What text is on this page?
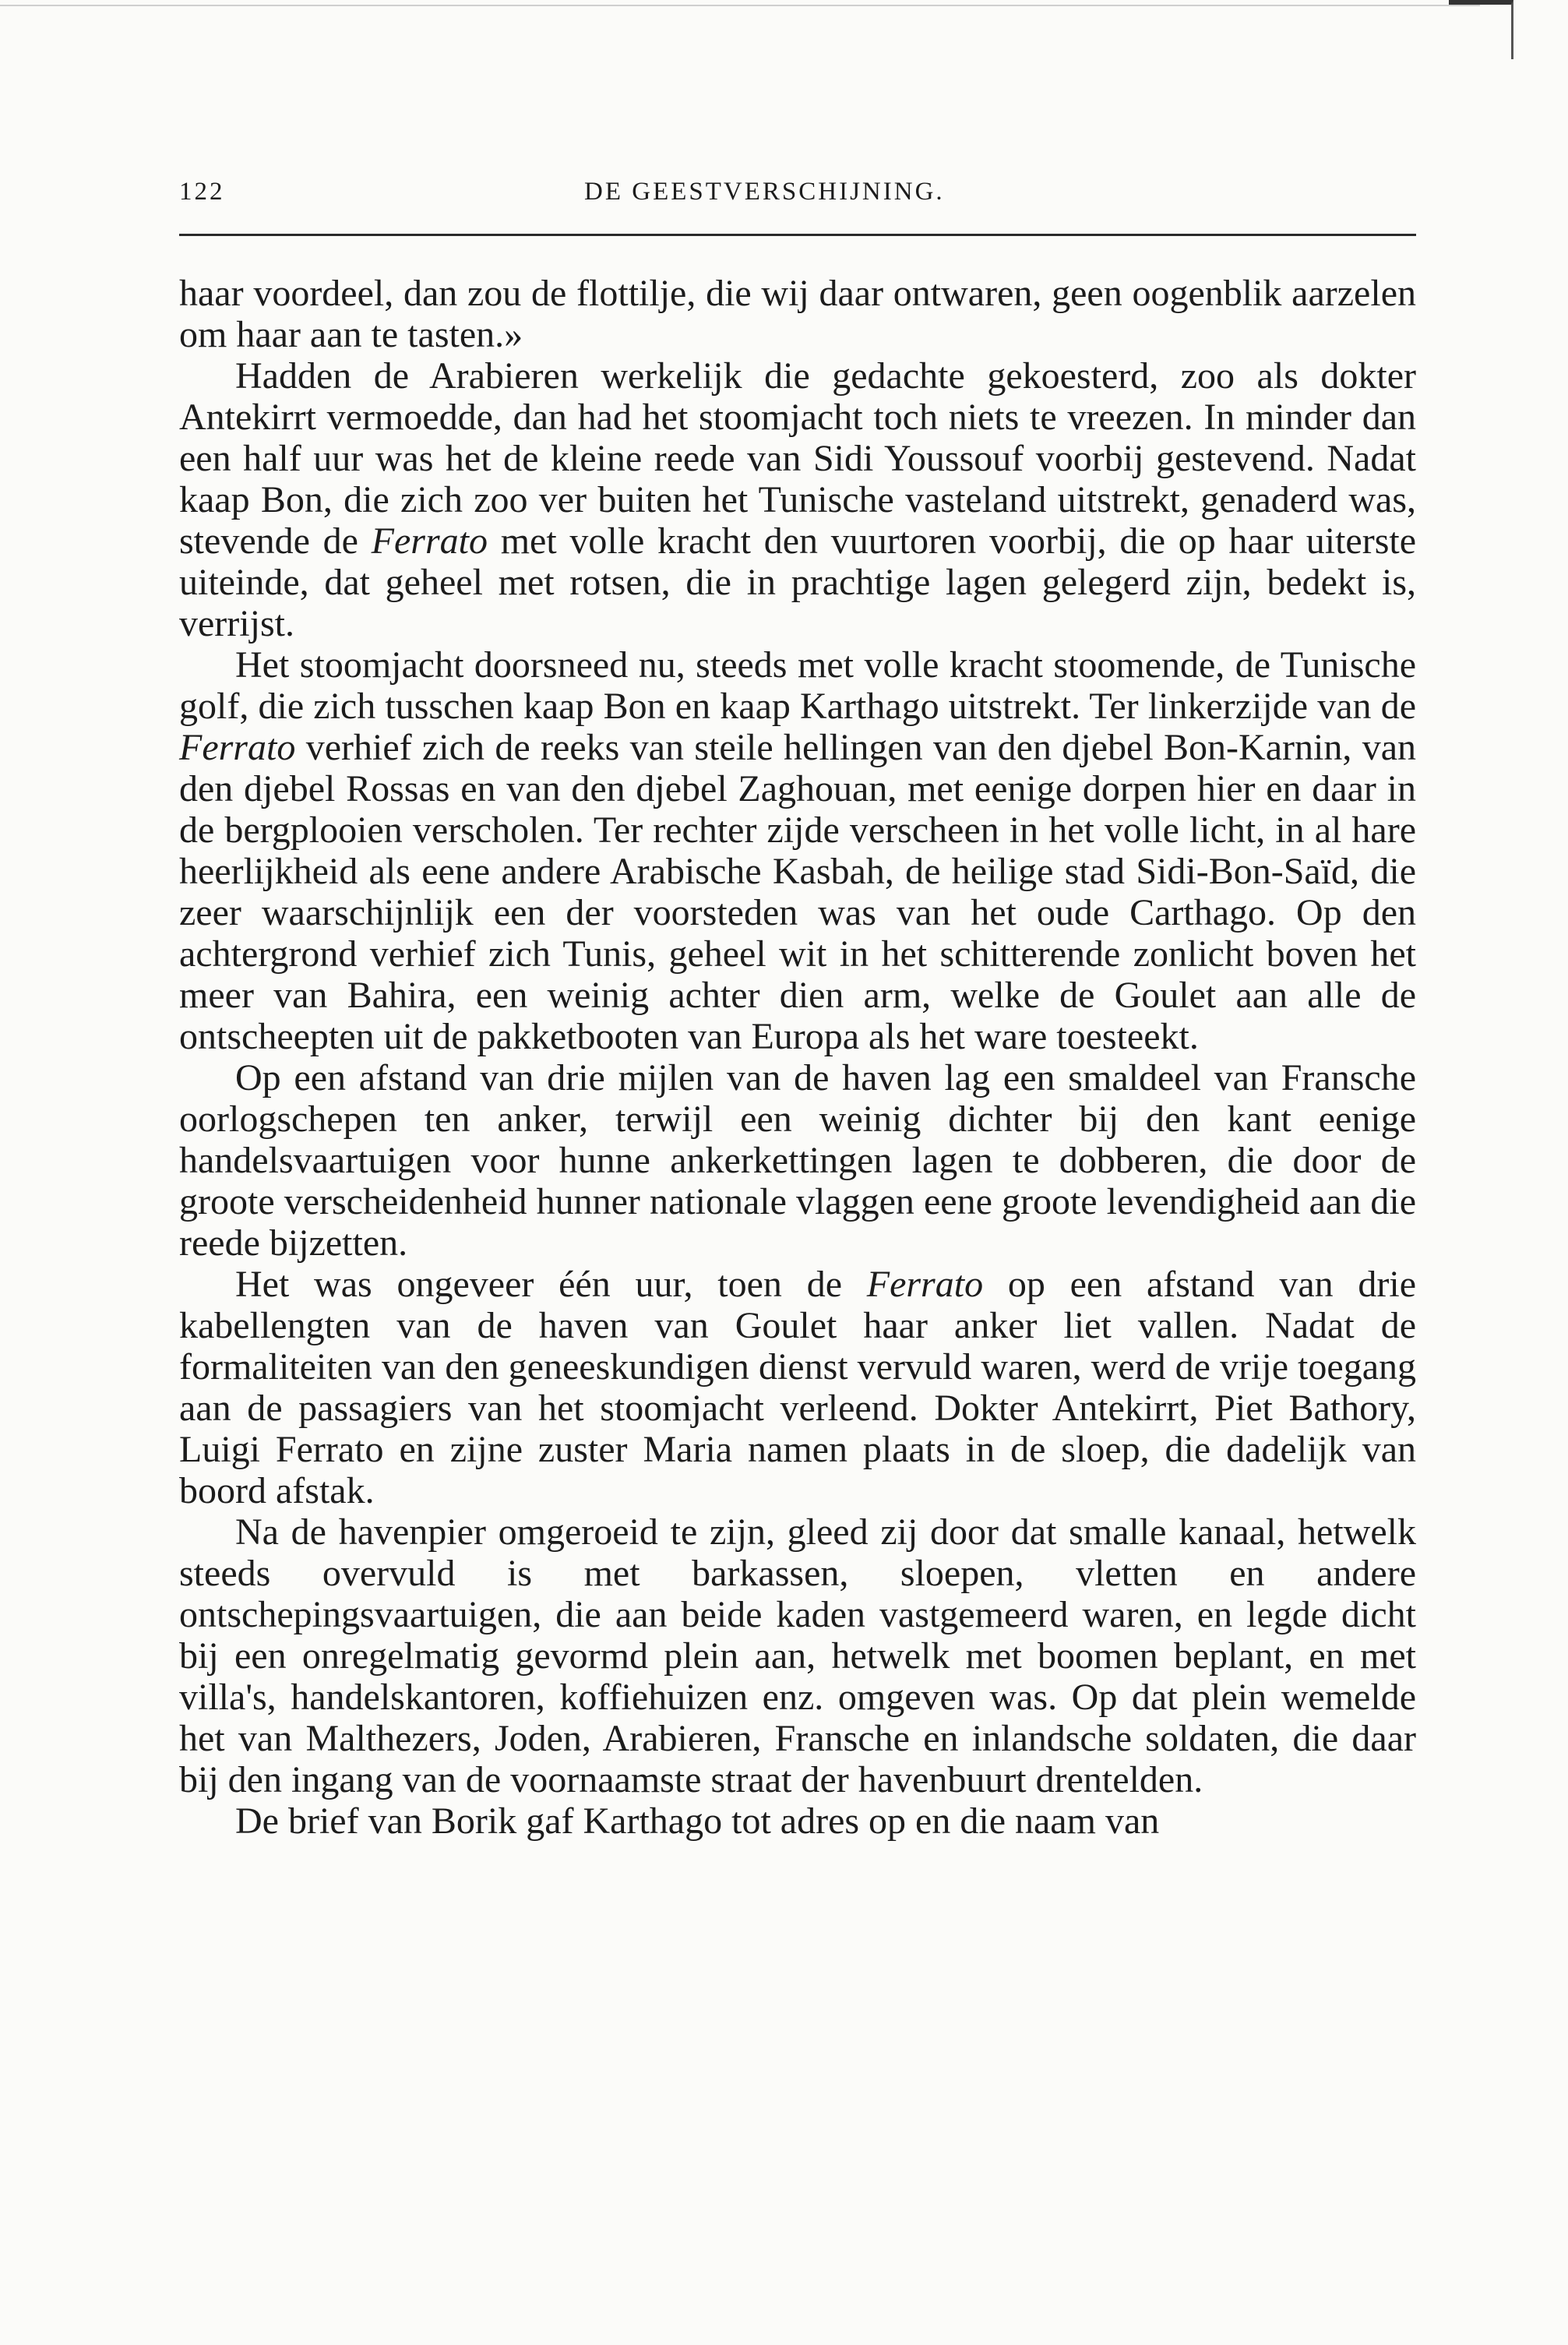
122	DE GEESTVERSCHIJNING.

haar voordeel, dan zou de flottilje, die wij daar ontwaren, geen oogenblik aarzelen om haar aan te tasten.»

Hadden de Arabieren werkelijk die gedachte gekoesterd, zoo als dokter Antekirrt vermoedde, dan had het stoomjacht toch niets te vreezen. In minder dan een half uur was het de kleine reede van Sidi Youssouf voorbij gestevend. Nadat kaap Bon, die zich zoo ver buiten het Tunische vasteland uitstrekt, genaderd was, stevende de Ferrato met volle kracht den vuurtoren voorbij, die op haar uiterste uiteinde, dat geheel met rotsen, die in prachtige lagen gelegerd zijn, bedekt is, verrijst.

Het stoomjacht doorsneed nu, steeds met volle kracht stoomende, de Tunische golf, die zich tusschen kaap Bon en kaap Karthago uitstrekt. Ter linkerzijde van de Ferrato verhief zich de reeks van steile hellingen van den djebel Bon-Karnin, van den djebel Rossas en van den djebel Zaghouan, met eenige dorpen hier en daar in de bergplooien verscholen. Ter rechter zijde verscheen in het volle licht, in al hare heerlijkheid als eene andere Arabische Kasbah, de heilige stad Sidi-Bon-Saïd, die zeer waarschijnlijk een der voorsteden was van het oude Carthago. Op den achtergrond verhief zich Tunis, geheel wit in het schitterende zonlicht boven het meer van Bahira, een weinig achter dien arm, welke de Goulet aan alle de ontscheepten uit de pakketbooten van Europa als het ware toesteekt.

Op een afstand van drie mijlen van de haven lag een smaldeel van Fransche oorlogschepen ten anker, terwijl een weinig dichter bij den kant eenige handelsvaartuigen voor hunne ankerkettingen lagen te dobberen, die door de groote verscheidenheid hunner nationale vlaggen eene groote levendigheid aan die reede bijzetten.

Het was ongeveer één uur, toen de Ferrato op een afstand van drie kabellengten van de haven van Goulet haar anker liet vallen. Nadat de formaliteiten van den geneeskundigen dienst vervuld waren, werd de vrije toegang aan de passagiers van het stoomjacht verleend. Dokter Antekirrt, Piet Bathory, Luigi Ferrato en zijne zuster Maria namen plaats in de sloep, die dadelijk van boord afstak.

Na de havenpier omgeroeid te zijn, gleed zij door dat smalle kanaal, hetwelk steeds overvuld is met barkassen, sloepen, vletten en andere ontschepingsvaartuigen, die aan beide kaden vastgemeerd waren, en legde dicht bij een onregelmatig gevormd plein aan, hetwelk met boomen beplant, en met villa's, handelskantoren, koffiehuizen enz. omgeven was. Op dat plein wemelde het van Malthezers, Joden, Arabieren, Fransche en inlandsche soldaten, die daar bij den ingang van de voornaamste straat der havenbuurt drentelden.

De brief van Borik gaf Karthago tot adres op en die naam van
